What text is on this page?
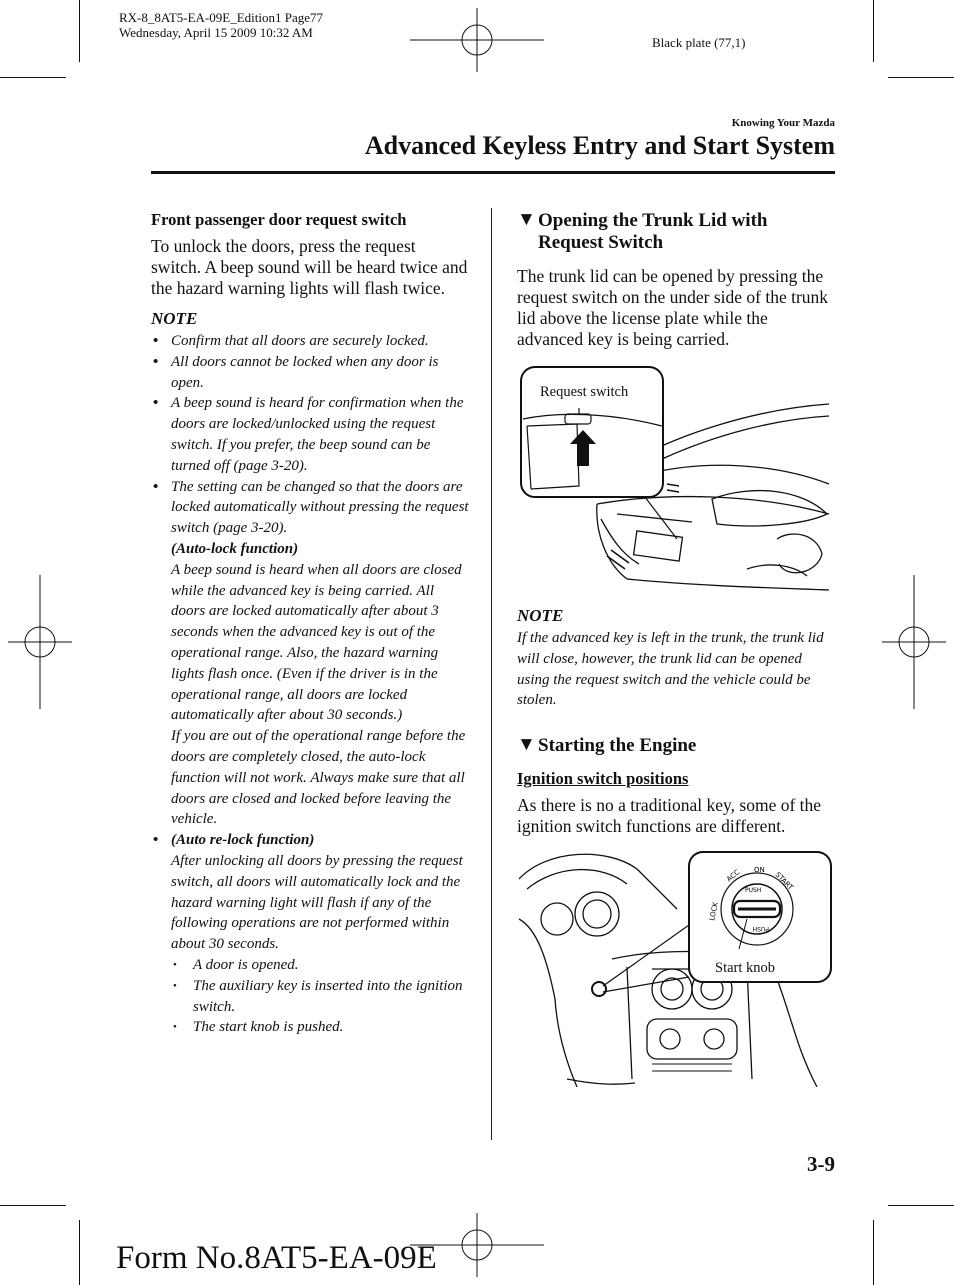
RX-8_8AT5-EA-09E_Edition1 Page77
Wednesday, April 15 2009 10:32 AM
Black plate (77,1)
Knowing Your Mazda
Advanced Keyless Entry and Start System

Front passenger door request switch

To unlock the doors, press the request switch. A beep sound will be heard twice and the hazard warning lights will flash twice.

NOTE

• Confirm that all doors are securely locked.
• All doors cannot be locked when any door is open.
• A beep sound is heard for confirmation when the doors are locked/unlocked using the request switch. If you prefer, the beep sound can be turned off (page 3-20).
• The setting can be changed so that the doors are locked automatically without pressing the request switch (page 3-20).
(Auto-lock function)
A beep sound is heard when all doors are closed while the advanced key is being carried. All doors are locked automatically after about 3 seconds when the advanced key is out of the operational range. Also, the hazard warning lights flash once. (Even if the driver is in the operational range, all doors are locked automatically after about 30 seconds.)
If you are out of the operational range before the doors are completely closed, the auto-lock function will not work. Always make sure that all doors are closed and locked before leaving the vehicle.
• (Auto re-lock function)
After unlocking all doors by pressing the request switch, all doors will automatically lock and the hazard warning light will flash if any of the following operations are not performed within about 30 seconds.
• A door is opened.
• The auxiliary key is inserted into the ignition switch.
• The start knob is pushed.

▼ Opening the Trunk Lid with Request Switch

The trunk lid can be opened by pressing the request switch on the under side of the trunk lid above the license plate while the advanced key is being carried.

Request switch

NOTE

If the advanced key is left in the trunk, the trunk lid will close, however, the trunk lid can be opened using the request switch and the vehicle could be stolen.

▼ Starting the Engine

Ignition switch positions

As there is no a traditional key, some of the ignition switch functions are different.

LOCK
ACC ON
START
PUSH
PUSH
Start knob
3-9
Form No.8AT5-EA-09E
